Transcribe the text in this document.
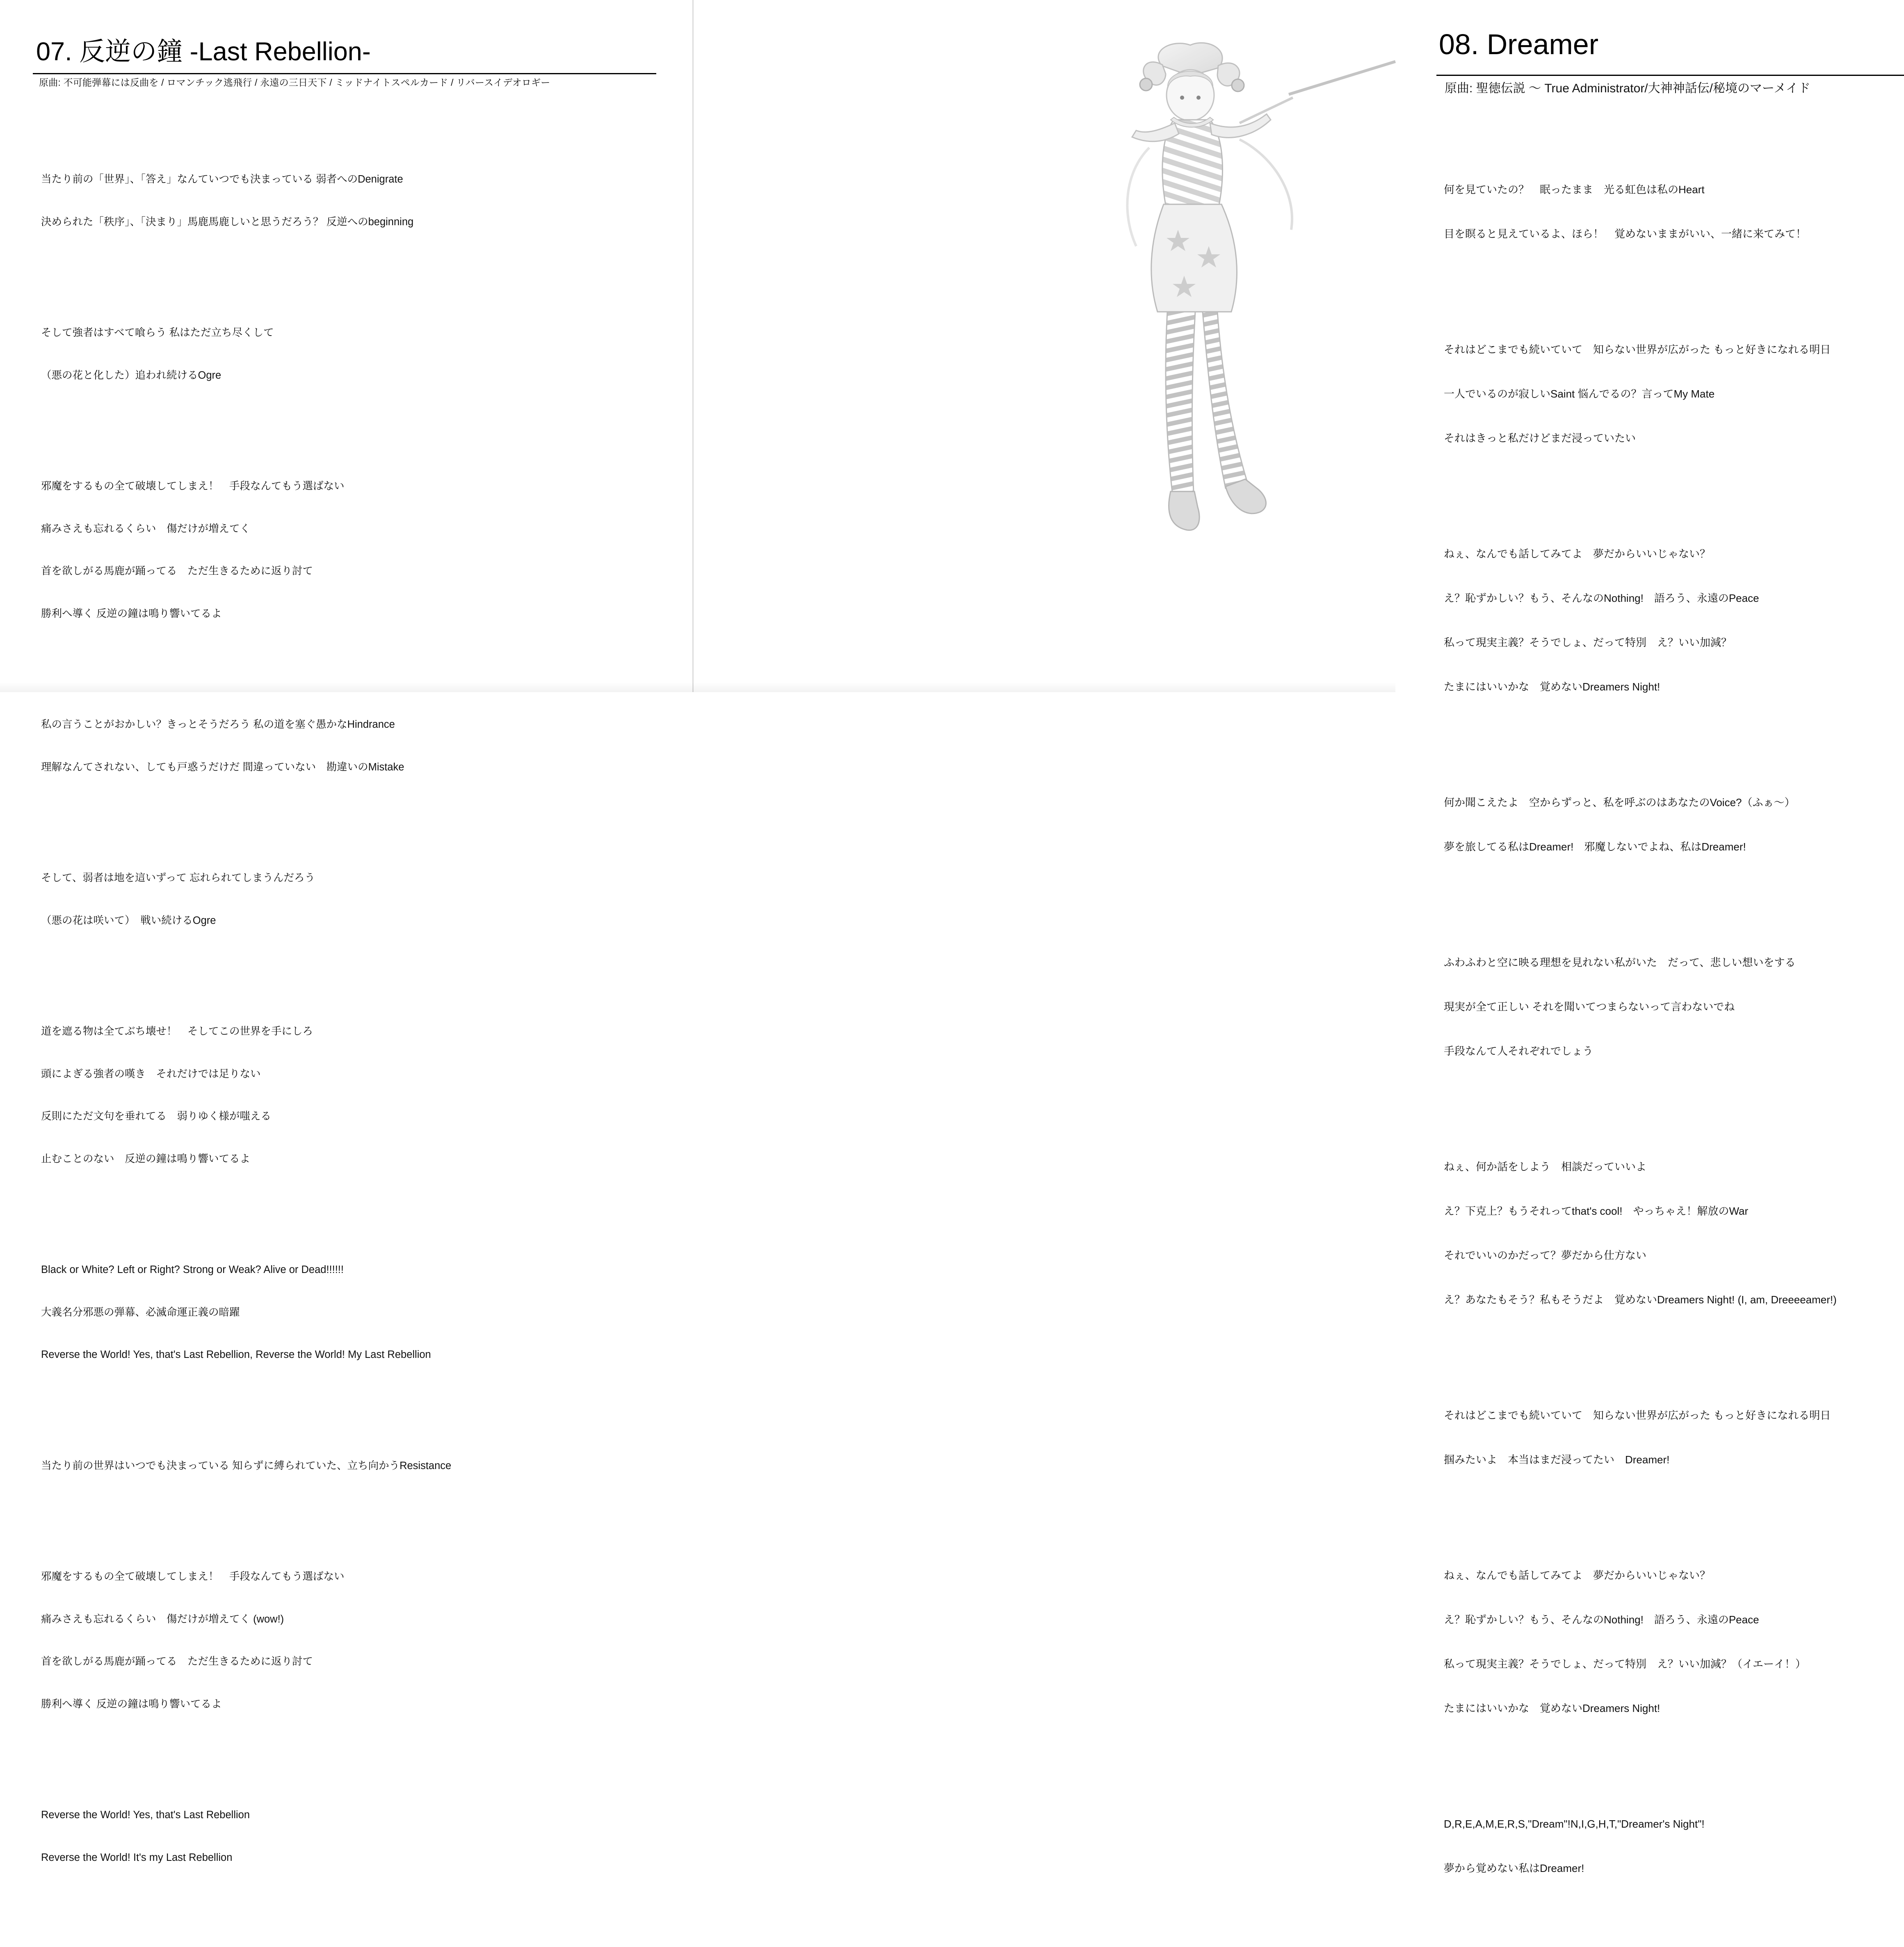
07. 反逆の鐘 -Last Rebellion-
原曲: 不可能弾幕には反曲を / ロマンチック逃飛行 / 永遠の三日天下 / ミッドナイトスペルカード / リバースイデオロギー

当たり前の「世界」、「答え」なんていつでも決まっている 弱者へのDenigrate

決められた「秩序」、「決まり」馬鹿馬鹿しいと思うだろう？ 反逆へのbeginning

そして強者はすべて喰らう 私はただ立ち尽くして

（悪の花と化した）追われ続けるOgre

邪魔をするもの全て破壊してしまえ！　手段なんてもう選ばない

痛みさえも忘れるくらい　傷だけが増えてく

首を欲しがる馬鹿が踊ってる　ただ生きるために返り討て

勝利へ導く 反逆の鐘は鳴り響いてるよ

私の言うことがおかしい？きっとそうだろう 私の道を塞ぐ愚かなHindrance

理解なんてされない、しても戸惑うだけだ 間違っていない　勘違いのMistake

そして、弱者は地を這いずって 忘れられてしまうんだろう

（悪の花は咲いて）　戦い続けるOgre

道を遮る物は全てぶち壊せ！　そしてこの世界を手にしろ

頭によぎる強者の嘆き　それだけでは足りない

反則にただ文句を垂れてる　弱りゆく様が嗤える

止むことのない　反逆の鐘は鳴り響いてるよ

Black or White? Left or Right? Strong or Weak? Alive or Dead!!!!!!

大義名分邪悪の弾幕、必滅命運正義の暗躍

Reverse the World! Yes, that's Last Rebellion, Reverse the World! My Last Rebellion

当たり前の世界はいつでも決まっている 知らずに縛られていた、立ち向かうResistance

邪魔をするもの全て破壊してしまえ！　手段なんてもう選ばない

痛みさえも忘れるくらい　傷だけが増えてく (wow!)

首を欲しがる馬鹿が踊ってる　ただ生きるために返り討て

勝利へ導く 反逆の鐘は鳴り響いてるよ

Reverse the World! Yes, that's Last Rebellion

Reverse the World! It's my Last Rebellion

08. Dreamer
原曲: 聖徳伝説 ～ True Administrator/大神神話伝/秘境のマーメイド

何を見ていたの？　眠ったまま　光る虹色は私のHeart

目を瞑ると見えているよ、ほら！　覚めないままがいい、一緒に来てみて！

それはどこまでも続いていて　知らない世界が広がった もっと好きになれる明日

一人でいるのが寂しいSaint 悩んでるの？言ってMy Mate

それはきっと私だけどまだ浸っていたい

ねぇ、なんでも話してみてよ　夢だからいいじゃない？

え？恥ずかしい？もう、そんなのNothing!　語ろう、永遠のPeace

私って現実主義？そうでしょ、だって特別　え？いい加減？

たまにはいいかな　覚めないDreamers Night!

何か聞こえたよ　空からずっと、私を呼ぶのはあなたのVoice?（ふぁ～）

夢を旅してる私はDreamer!　邪魔しないでよね、私はDreamer!

ふわふわと空に映る理想を見れない私がいた　だって、悲しい想いをする

現実が全て正しい それを聞いてつまらないって言わないでね

手段なんて人それぞれでしょう

ねぇ、何か話をしよう　相談だっていいよ

え？下克上？もうそれってthat's cool!　やっちゃえ！解放のWar

それでいいのかだって？夢だから仕方ない

え？あなたもそう？私もそうだよ　覚めないDreamers Night! (I, am, Dreeeeamer!)

それはどこまでも続いていて　知らない世界が広がった もっと好きになれる明日

掴みたいよ　本当はまだ浸ってたい　Dreamer!

ねぇ、なんでも話してみてよ　夢だからいいじゃない？

え？恥ずかしい？もう、そんなのNothing!　語ろう、永遠のPeace

私って現実主義？そうでしょ、だって特別　え？いい加減？（イエーイ！）

たまにはいいかな　覚めないDreamers Night!

D,R,E,A,M,E,R,S,"Dream"!N,I,G,H,T,"Dreamer's Night"!

夢から覚めない私はDreamer!
